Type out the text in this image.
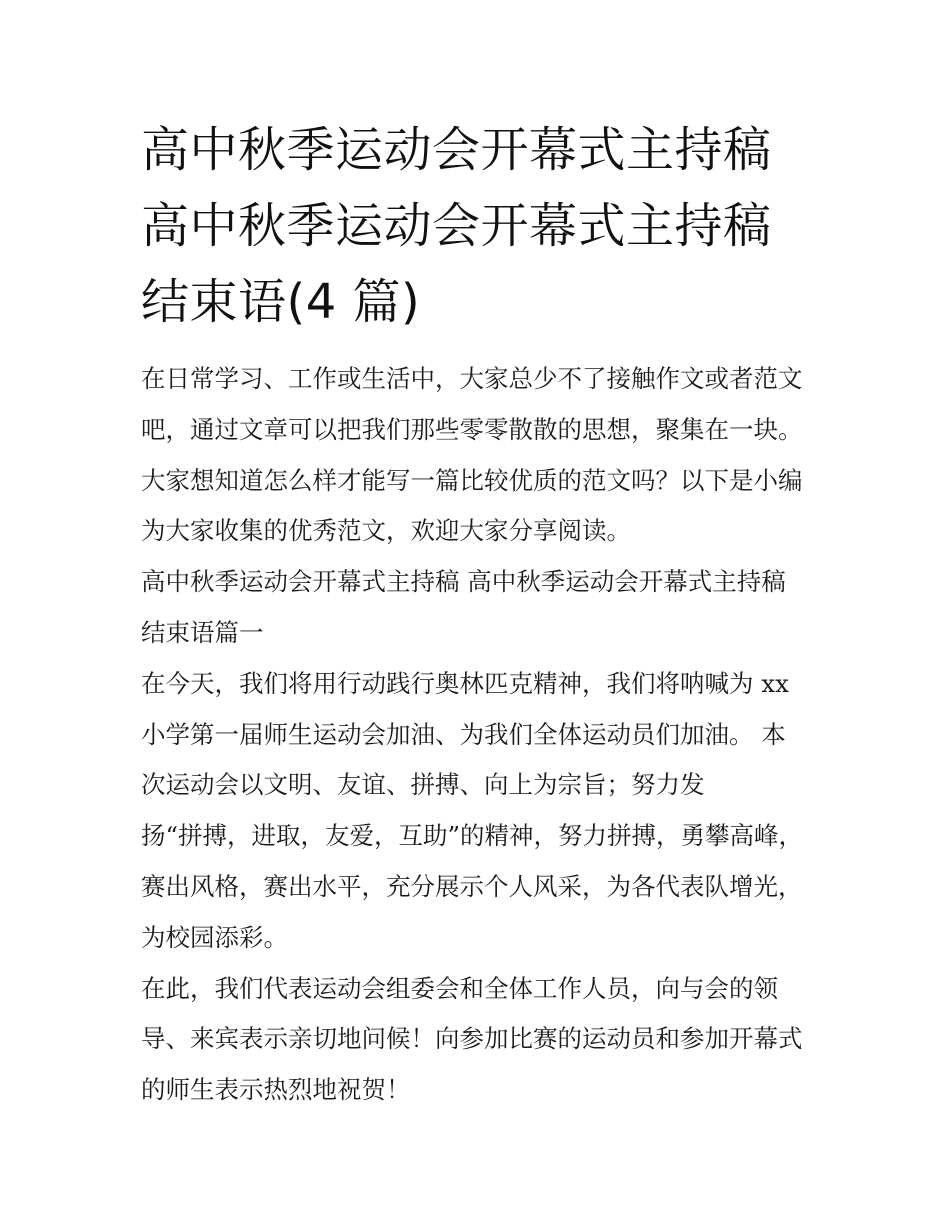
高中秋季运动会开幕式主持稿
高中秋季运动会开幕式主持稿
结束语(4 篇)

在日常学习、工作或生活中，大家总少不了接触作文或者范文
吧，通过文章可以把我们那些零零散散的思想，聚集在一块。
大家想知道怎么样才能写一篇比较优质的范文吗？以下是小编
为大家收集的优秀范文，欢迎大家分享阅读。

高中秋季运动会开幕式主持稿 高中秋季运动会开幕式主持稿
结束语篇一

在今天，我们将用行动践行奥林匹克精神，我们将呐喊为 xx
小学第一届师生运动会加油、为我们全体运动员们加油。 本
次运动会以文明、友谊、拼搏、向上为宗旨；努力发
扬“拼搏，进取，友爱，互助”的精神，努力拼搏，勇攀高峰，
赛出风格，赛出水平，充分展示个人风采，为各代表队增光，
为校园添彩。

在此，我们代表运动会组委会和全体工作人员，向与会的领
导、来宾表示亲切地问候！向参加比赛的运动员和参加开幕式
的师生表示热烈地祝贺！
